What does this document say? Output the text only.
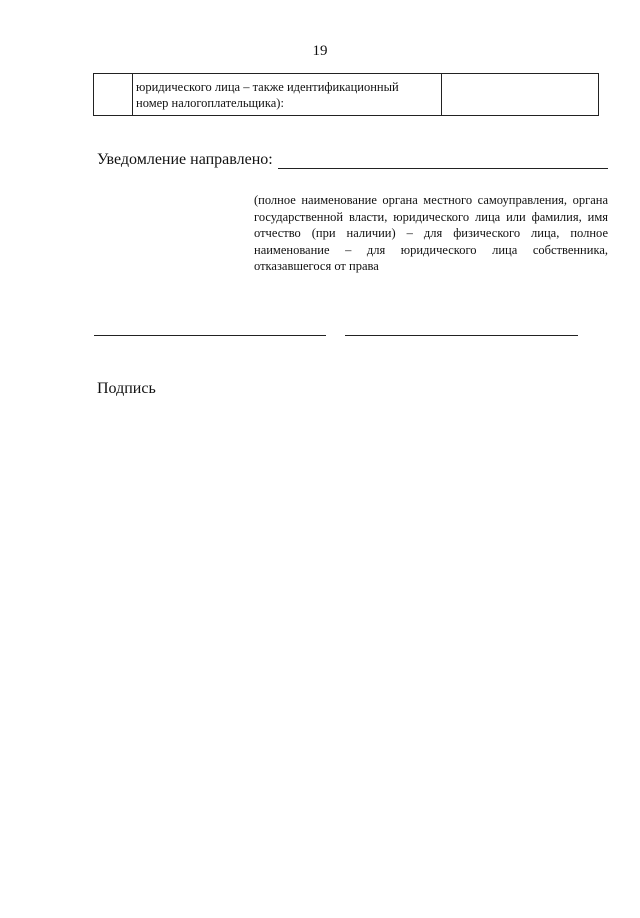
19
юридического лица – также идентификационный
номер налогоплательщика):
Уведомление направлено:
(полное наименование органа местного самоуправления, органа
государственной власти, юридического лица или фамилия, имя
отчество (при наличии) – для физического лица, полное
наименование – для юридического лица собственника,
отказавшегося от права
Подпись
